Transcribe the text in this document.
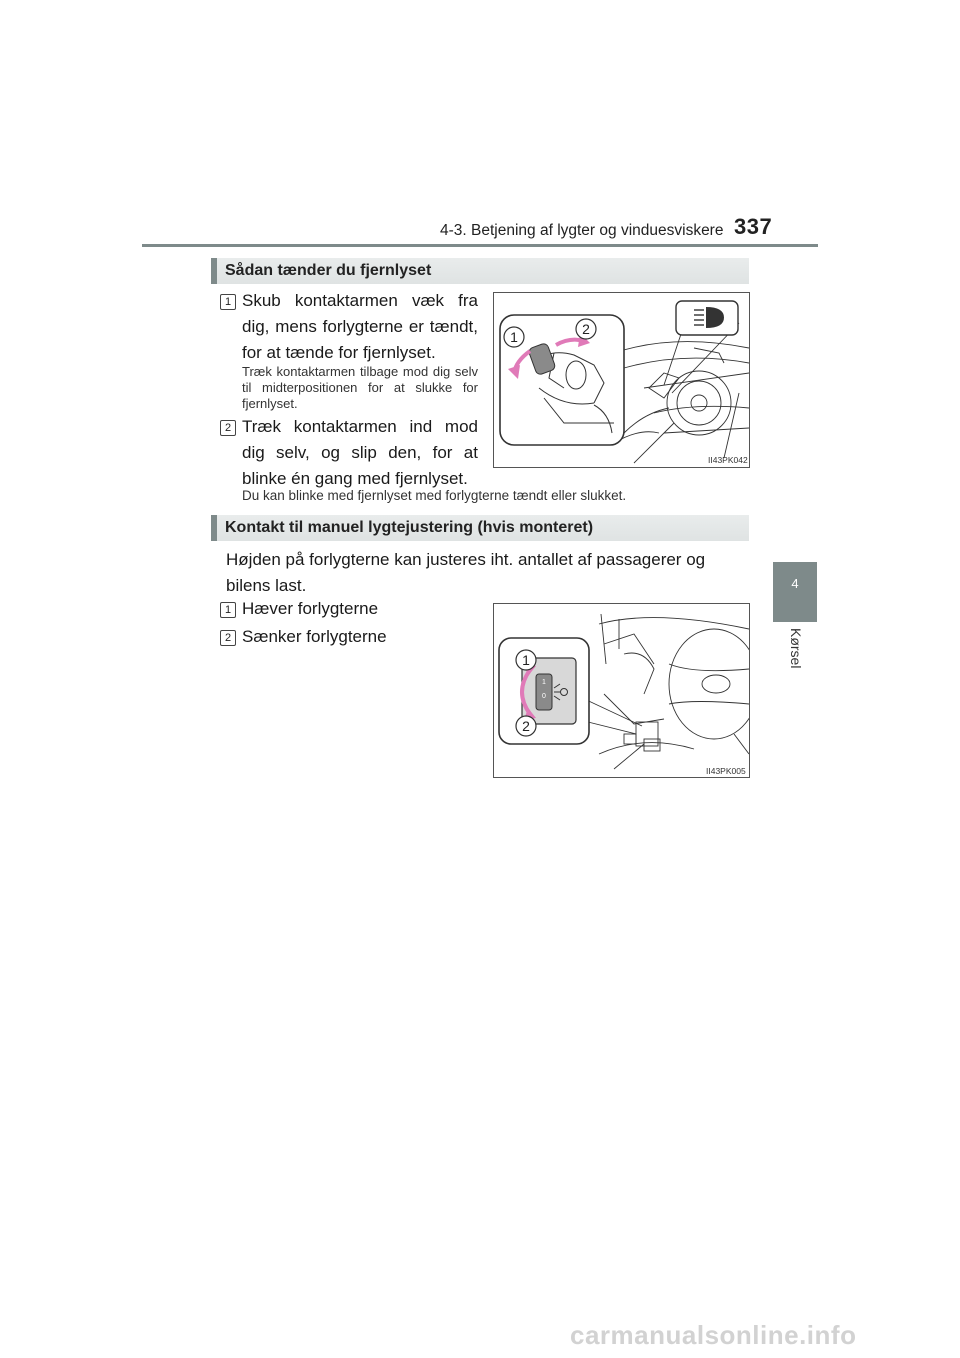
4-3. Betjening af lygter og vinduesviskere 337
4
Kørsel
Sådan tænder du fjernlyset
1 Skub kontaktarmen væk fra dig, mens forlygterne er tændt, for at tænde for fjernlyset.
Træk kontaktarmen tilbage mod dig selv til midterpositionen for at slukke for fjernlyset.
2 Træk kontaktarmen ind mod dig selv, og slip den, for at blinke én gang med fjernlyset.
Du kan blinke med fjernlyset med forlygterne tændt eller slukket.
1	2
II43PK042
Kontakt til manuel lygtejustering (hvis monteret)
Højden på forlygterne kan justeres iht. antallet af passagerer og bilens last.
1 Hæver forlygterne
2 Sænker forlygterne
1
0
1
2
II43PK005
carmanualsonline.info
